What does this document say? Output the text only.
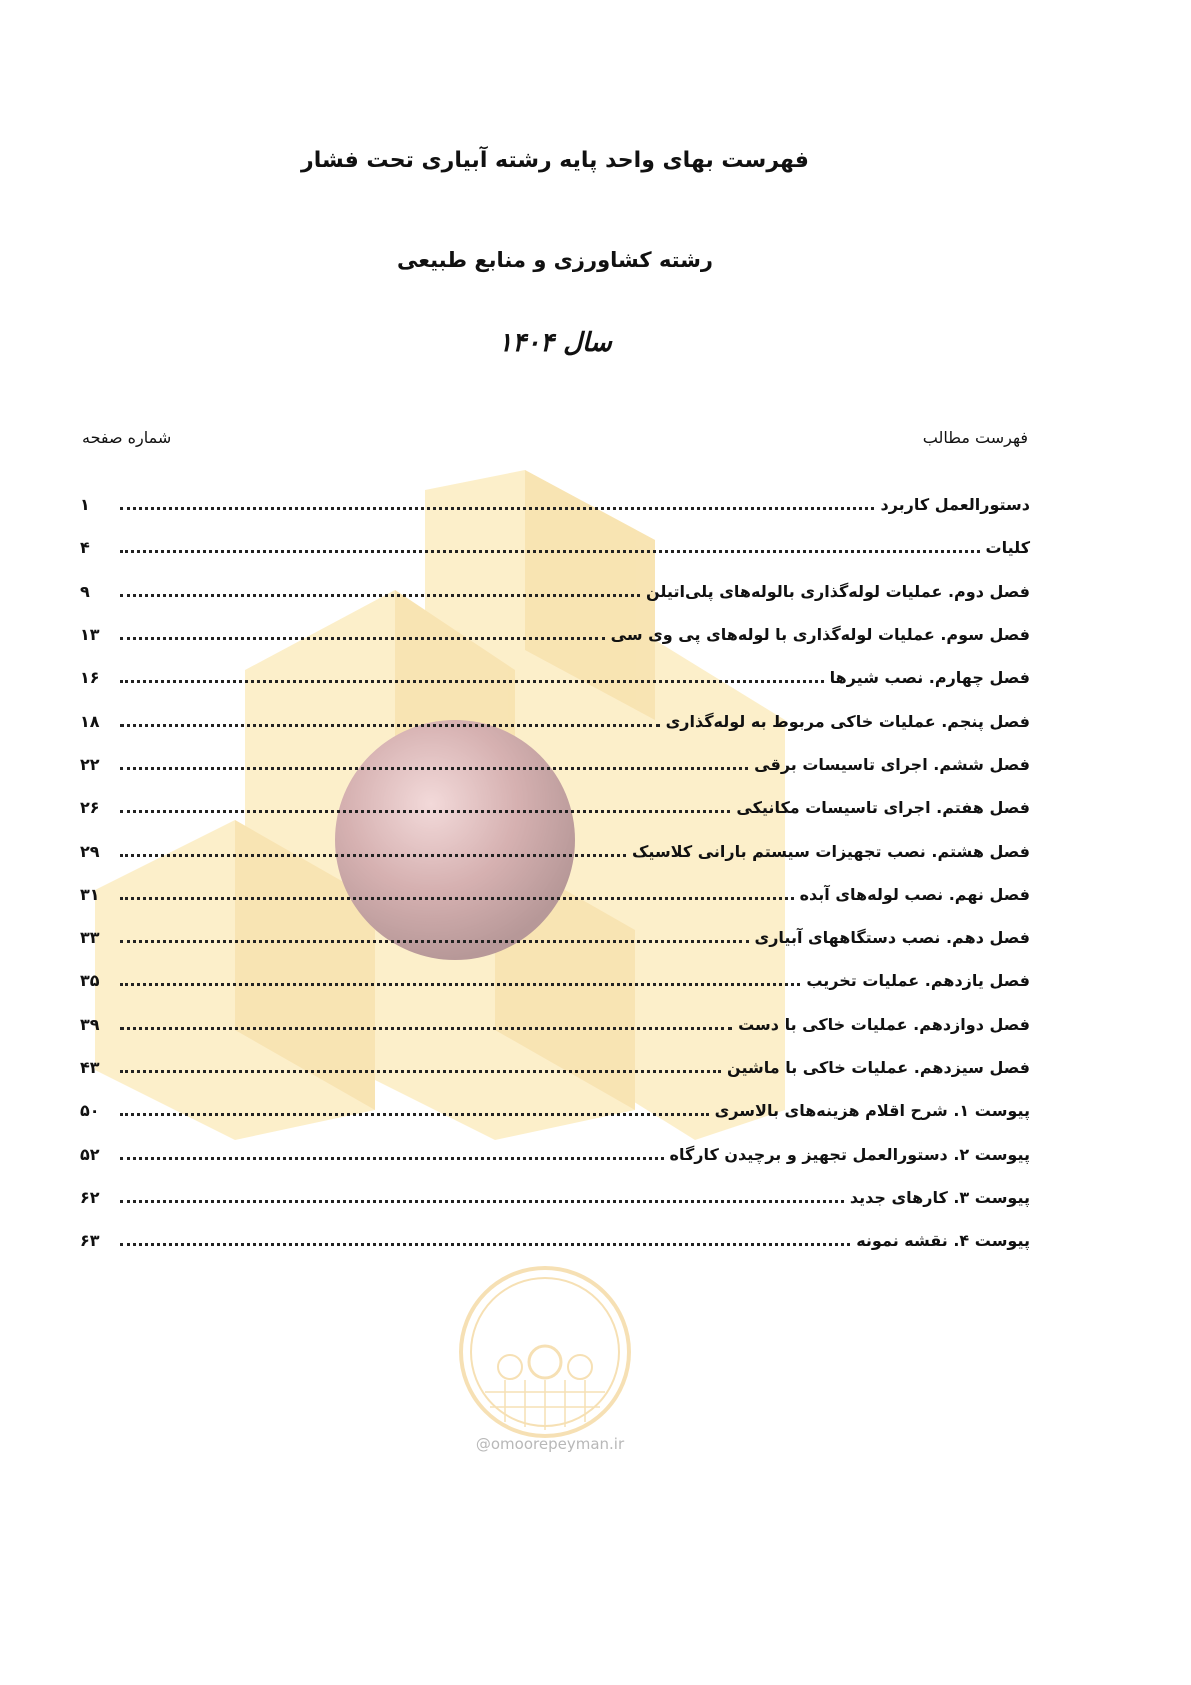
@omoorepeyman.ir
فهرست بهای واحد پایه رشته آبیاری تحت فشار
رشته کشاورزی و منابع طبیعی
سال ۱۴۰۴
فهرست مطالب
شماره صفحه
دستورالعمل کاربرد
۱
کلیات
۴
فصل دوم. عملیات لوله‌گذاری بالوله‌های پلی‌اتیلن
۹
فصل سوم. عملیات لوله‌گذاری با لوله‌های پی وی سی
۱۳
فصل چهارم. نصب شیرها
۱۶
فصل پنجم. عملیات خاکی مربوط به لوله‌گذاری
۱۸
فصل ششم. اجرای تاسیسات برقی
۲۲
فصل هفتم. اجرای تاسیسات مکانیکی
۲۶
فصل هشتم. نصب تجهیزات سیستم بارانی کلاسیک
۲۹
فصل نهم. نصب لوله‌های آبده
۳۱
فصل دهم. نصب دستگاههای آبیاری
۳۳
فصل یازدهم. عملیات تخریب
۳۵
فصل دوازدهم. عملیات خاکی با دست
۳۹
فصل سیزدهم. عملیات خاکی با ماشین
۴۳
پیوست ۱. شرح اقلام هزینه‌های بالاسری
۵۰
پیوست ۲. دستورالعمل تجهیز و برچیدن کارگاه
۵۲
پیوست ۳. کارهای جدید
۶۲
پیوست ۴. نقشه نمونه
۶۳
